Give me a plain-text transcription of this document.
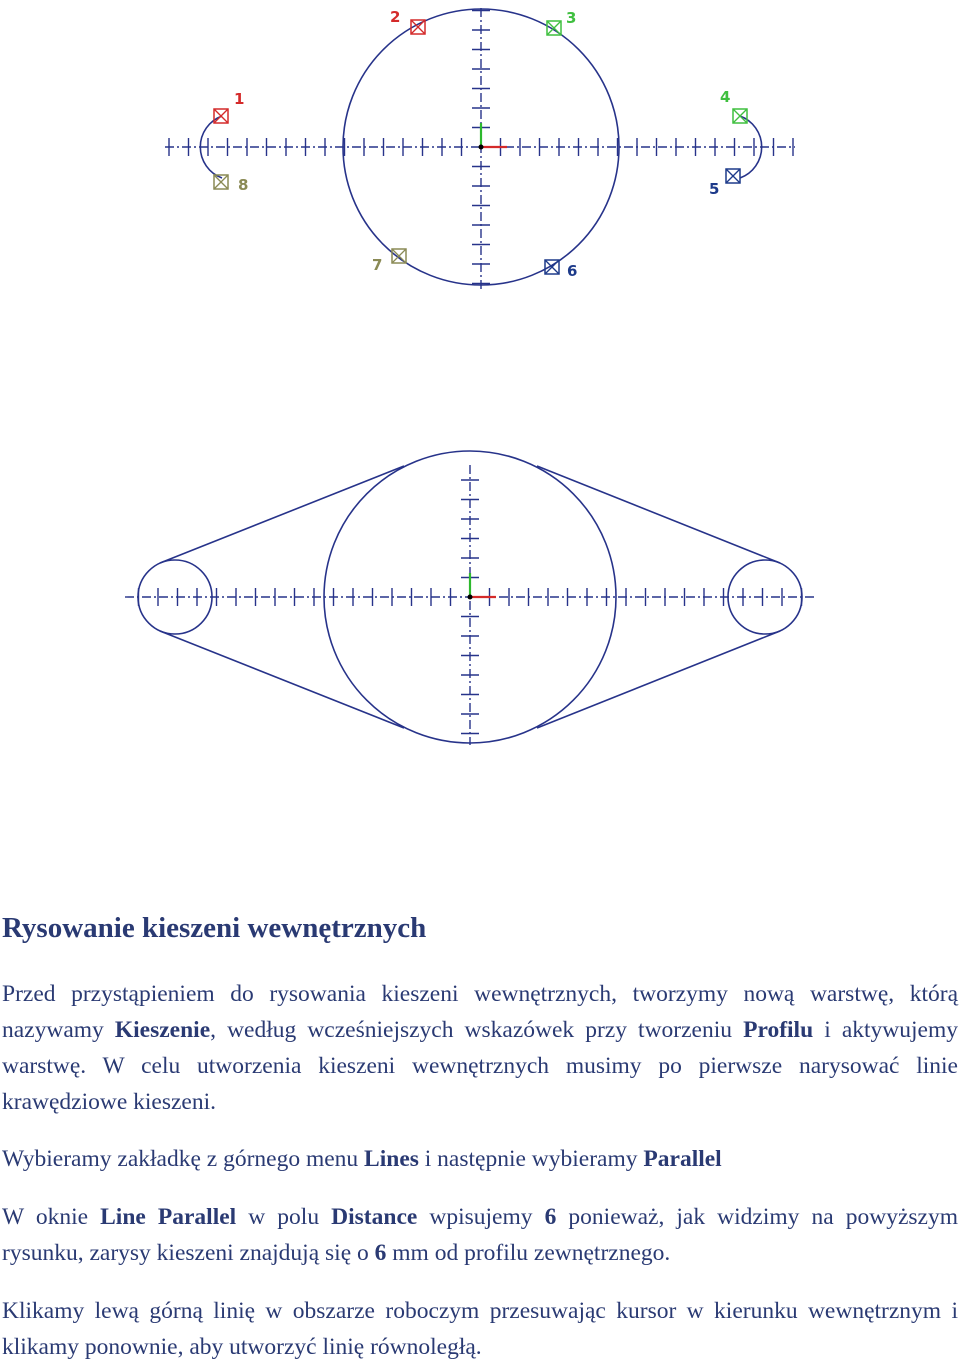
1
2	3
4
5
6
7
8
Rysowanie kieszeni wewnętrznych

Przed przystąpieniem do rysowania kieszeni wewnętrznych, tworzymy nową warstwę, którą nazywamy Kieszenie, według wcześniejszych wskazówek przy tworzeniu Profilu i aktywujemy warstwę. W celu utworzenia kieszeni wewnętrznych musimy po pierwsze narysować linie krawędziowe kieszeni.

Wybieramy zakładkę z górnego menu Lines i następnie wybieramy Parallel

W oknie Line Parallel w polu Distance wpisujemy 6 ponieważ, jak widzimy na powyższym rysunku, zarysy kieszeni znajdują się o 6 mm od profilu zewnętrznego.

Klikamy lewą górną linię w obszarze roboczym przesuwając kursor w kierunku wewnętrznym i klikamy ponownie, aby utworzyć linię równoległą.
